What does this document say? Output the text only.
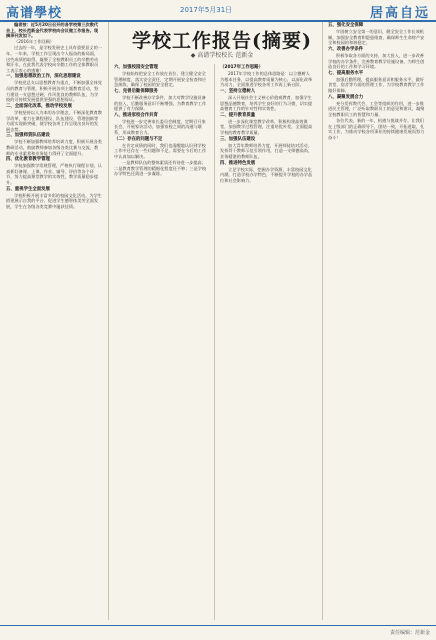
高谱學校	2017年5月31日	居高自远
学校工作报告(摘要)
◆ 高谱学校校长 范新金

编者按：近5月20日召开的各学校第三次教代会上，校长范新金代表学校向会议做工作报告。现摘录刊发如下。

（2016年工作回顾）

过去的一年，是学校发展史上具有重要意义的一年。一年来，学校工作呈现出令人振奋的新局面，这些成绩的取得，凝聚了全校教职员工的辛勤劳动和汗水，在此我代表学校向辛勤工作的全体教职员工表示衷心的感谢！

一、加强思想政治工作，深化思想建设

学校党总支以思想教育为重点，不断加强全体党员的教育与管理，积极开展各项主题教育活动，努力建设一支思想过硬、作风优良的教师队伍，为学校的可持续发展提供坚强的思想保证。

二、全面深化改革，推动学校发展

学校坚持以人为本的办学理念，不断深化教育教学改革，着力在课程建设、队伍建设、管理创新等方面实现新突破，使学校各项工作呈现出良好的发展态势。

三、加强师资队伍建设

学校不断加强教师培养培训力度，积极开展各类教研活动，鼓励教师参加各级各类比赛与交流，教师的专业素养和业务能力得到了全面提升。

四、优化教育教学管理

学校加强教学常规管理，严格执行课程计划，认真抓好备课、上课、作业、辅导、评价等各个环节，努力提高课堂教学的实效性，教学质量稳步提升。

五、重视学生全面发展

学校积极开展丰富多彩的校园文化活动，为学生搭建展示自我的平台，促进学生德智体美劳全面发展，学生在各级各类竞赛中屡获佳绩。

六、加强校园安全管理

学校始终把安全工作放在首位，建立健全安全管理制度，落实安全责任，定期开展安全检查和应急演练，确保了校园的安全稳定。

七、完善后勤保障服务

学校不断改善办学条件，加大对教学设施设备的投入，后勤服务意识不断增强，为教育教学工作提供了有力保障。

八、推进家校合作共育

学校进一步完善家长委员会制度，定期召开家长会，开展家访活动，加强家校之间的沟通与联系，形成教育合力。

（二）存在的问题与不足

在肯定成绩的同时，我们也清醒地认识到学校工作中还存在一些问题和不足，需要在今后的工作中认真加以解决。

一是教师队伍的整体素质还有待进一步提高；二是教育教学管理的精细化程度还不够；三是学校办学特色还需进一步凝练。

（2017年工作思路）

2017年学校工作的总体思路是：以立德树人为根本任务，以提高教育质量为核心，以深化改革为动力，全面推进学校各项工作再上新台阶。

一、坚持立德树人

深入开展社会主义核心价值观教育，加强学生思想品德教育，培养学生良好的行为习惯，切实提高德育工作的针对性和实效性。

二、提升教育质量

进一步深化课堂教学改革，积极构建高效课堂，加强教学过程管理，注重培优补差，全面提高学校的教育教学质量。

三、加强队伍建设

加大青年教师培养力度，开展师徒结对活动，发挥骨干教师示范引领作用，打造一支师德高尚、业务精湛的教师队伍。

四、推进特色发展

立足学校实际，挖掘办学资源，丰富校园文化内涵，打造学校办学特色，不断提升学校的办学品位和社会影响力。

五、强化安全保障

牢固树立安全第一的意识，健全安全工作长效机制，加强安全教育和隐患排查，确保师生生命财产安全和校园的和谐稳定。

六、改善办学条件

积极争取各方面的支持，加大投入，进一步改善学校的办学条件，完善教育教学设施设备，为师生创造良好的工作和学习环境。

七、提高服务水平

加强后勤管理，提高服务意识和服务水平，做好食堂、宿舍等方面的管理工作，为学校教育教学工作做好保障。

八、凝聚发展合力

充分发挥教代会、工会等组织的作用，进一步推进民主管理，广泛听取教职员工的意见和建议，凝聚全校教职员工的智慧和力量。

各位代表，新的一年，机遇与挑战并存。让我们在上级部门的正确领导下，团结一致，开拓进取，扎实工作，为推动学校各项事业的持续健康发展而努力奋斗！

责任编辑：范新金
